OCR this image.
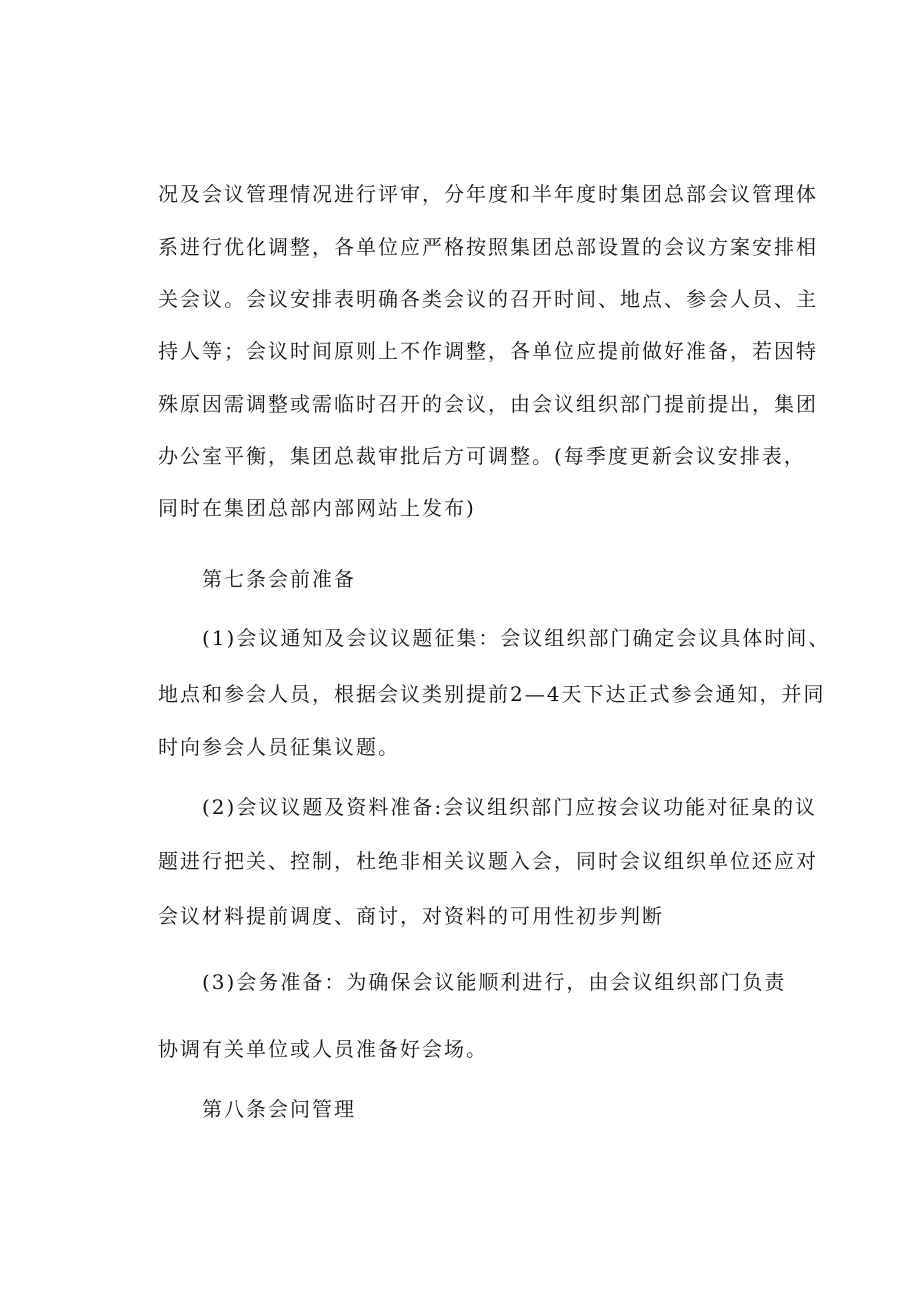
况及会议管理情况进行评审，分年度和半年度时集团总部会议管理体
系进行优化调整，各单位应严格按照集团总部设置的会议方案安排相
关会议。会议安排表明确各类会议的召开时间、地点、参会人员、主
持人等；会议时间原则上不作调整，各单位应提前做好准备，若因特
殊原因需调整或需临时召开的会议，由会议组织部门提前提出，集团
办公室平衡，集团总裁审批后方可调整。(每季度更新会议安排表，
同时在集团总部内部网站上发布)
第七条会前准备
(1)会议通知及会议议题征集：会议组织部门确定会议具体时间、
地点和参会人员，根据会议类别提前2—4天下达正式参会通知，并同
时向参会人员征集议题。
(2)会议议题及资料准备:会议组织部门应按会议功能对征臬的议
题进行把关、控制，杜绝非相关议题入会，同时会议组织单位还应对
会议材料提前调度、商讨，对资料的可用性初步判断
(3)会务准备：为确保会议能顺利进行，由会议组织部门负责
协调有关单位或人员准备好会场。
第八条会问管理
